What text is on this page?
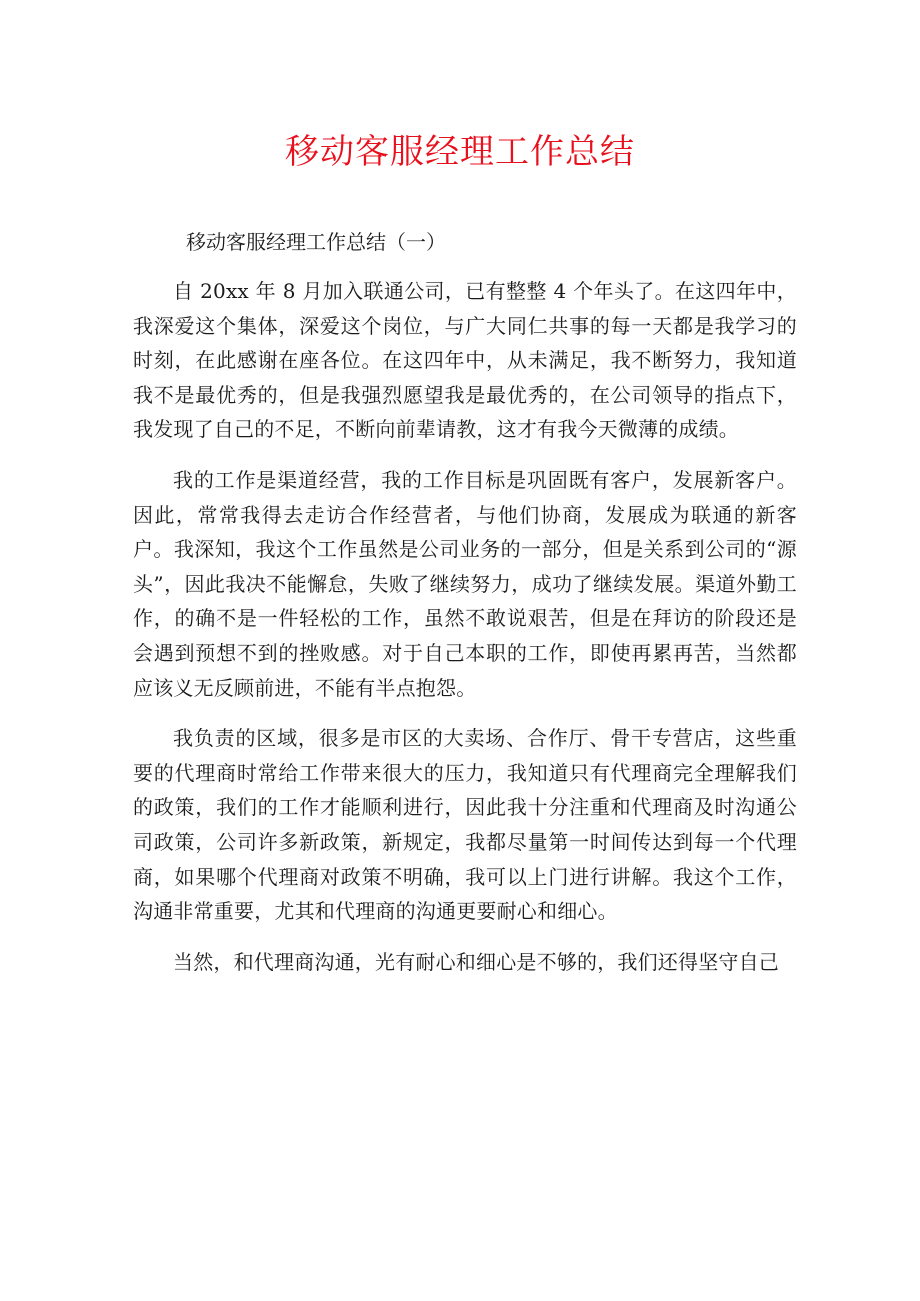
移动客服经理工作总结

移动客服经理工作总结（一）

自 20xx 年 8 月加入联通公司，已有整整 4 个年头了。在这四年中，我深爱这个集体，深爱这个岗位，与广大同仁共事的每一天都是我学习的时刻，在此感谢在座各位。在这四年中，从未满足，我不断努力，我知道我不是最优秀的，但是我强烈愿望我是最优秀的，在公司领导的指点下，我发现了自己的不足，不断向前辈请教，这才有我今天微薄的成绩。

我的工作是渠道经营，我的工作目标是巩固既有客户，发展新客户。因此，常常我得去走访合作经营者，与他们协商，发展成为联通的新客户。我深知，我这个工作虽然是公司业务的一部分，但是关系到公司的“源头”，因此我决不能懈怠，失败了继续努力，成功了继续发展。渠道外勤工作，的确不是一件轻松的工作，虽然不敢说艰苦，但是在拜访的阶段还是会遇到预想不到的挫败感。对于自己本职的工作，即使再累再苦，当然都应该义无反顾前进，不能有半点抱怨。

我负责的区域，很多是市区的大卖场、合作厅、骨干专营店，这些重要的代理商时常给工作带来很大的压力，我知道只有代理商完全理解我们的政策，我们的工作才能顺利进行，因此我十分注重和代理商及时沟通公司政策，公司许多新政策，新规定，我都尽量第一时间传达到每一个代理商，如果哪个代理商对政策不明确，我可以上门进行讲解。我这个工作，沟通非常重要，尤其和代理商的沟通更要耐心和细心。

当然，和代理商沟通，光有耐心和细心是不够的，我们还得坚守自己
